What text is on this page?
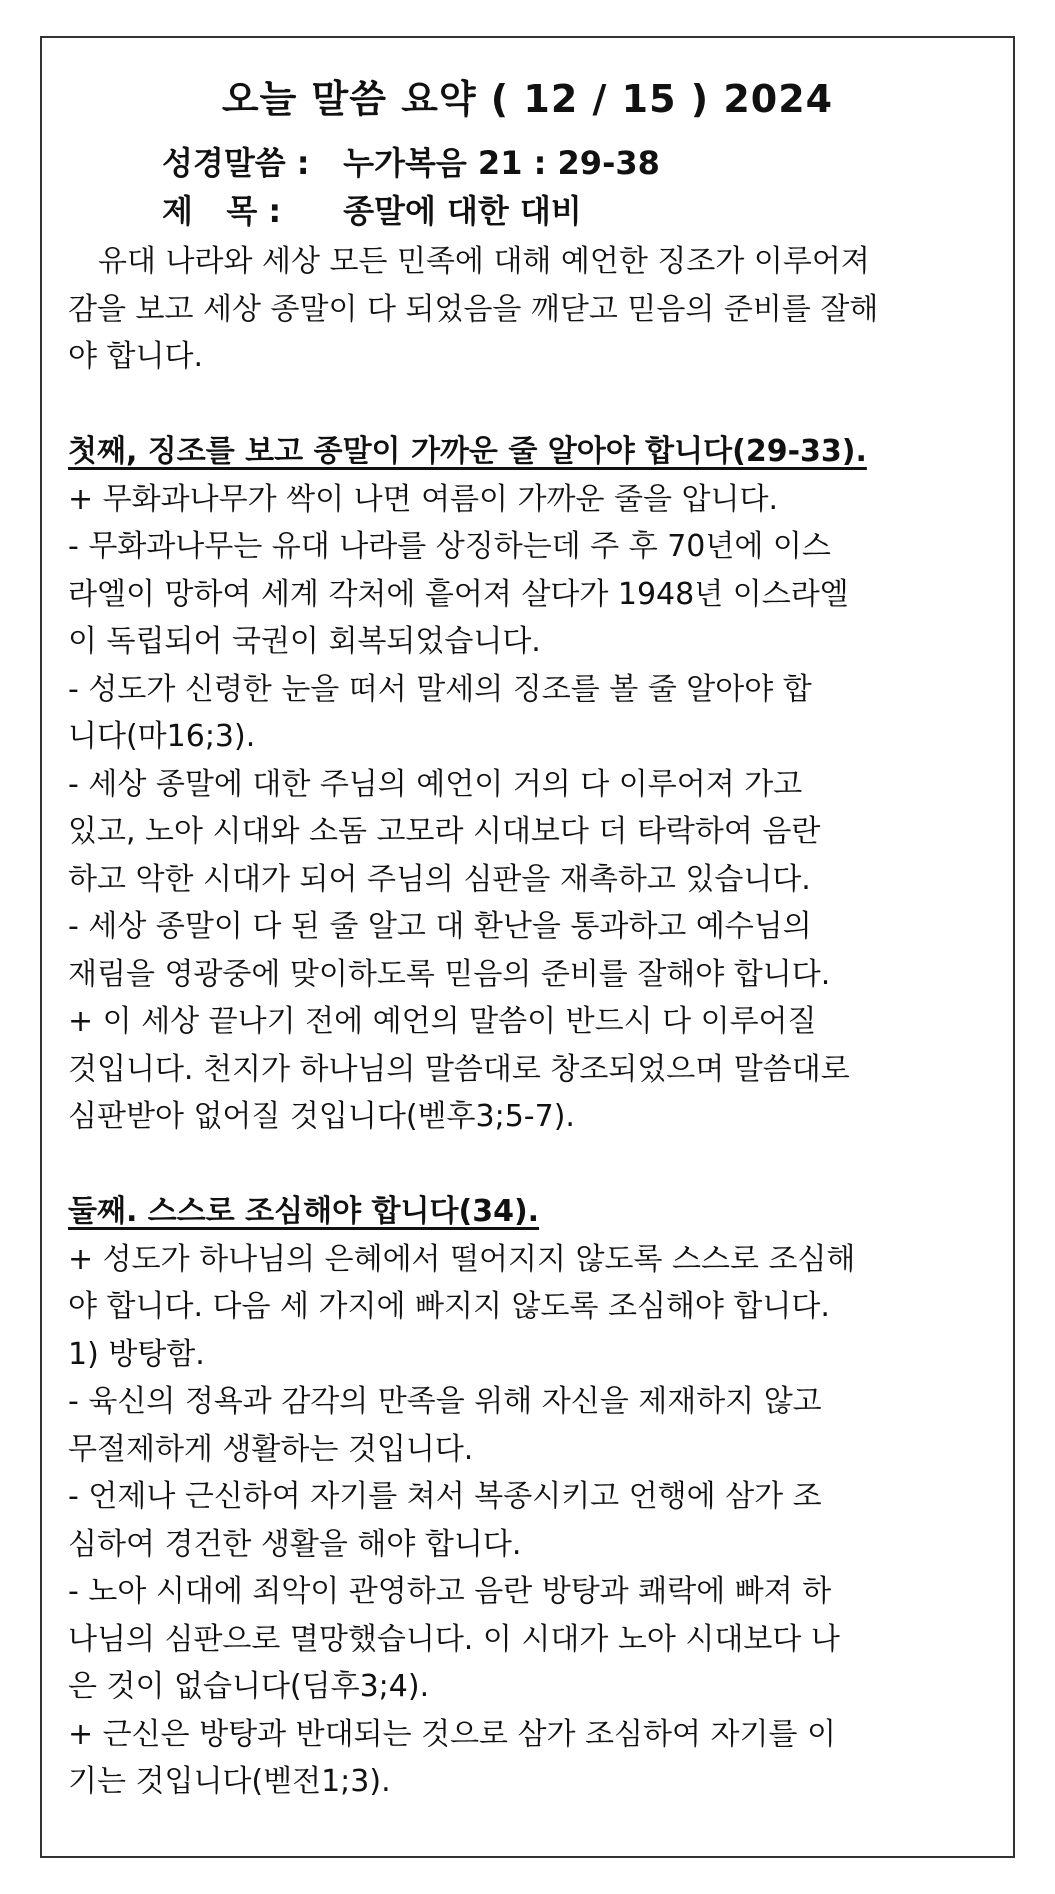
오늘 말씀 요약 ( 12 / 15 ) 2024
성경말씀 : 누가복음 21 : 29-38
제   목 : 종말에 대한 대비
유대 나라와 세상 모든 민족에 대해 예언한 징조가 이루어져
감을 보고 세상 종말이 다 되었음을 깨닫고 믿음의 준비를 잘해
야 합니다.
첫째, 징조를 보고 종말이 가까운 줄 알아야 합니다(29-33).
+ 무화과나무가 싹이 나면 여름이 가까운 줄을 압니다.
- 무화과나무는 유대 나라를 상징하는데 주 후 70년에 이스
라엘이 망하여 세계 각처에 흩어져 살다가 1948년 이스라엘
이 독립되어 국권이 회복되었습니다.
- 성도가 신령한 눈을 떠서 말세의 징조를 볼 줄 알아야 합
니다(마16;3).
- 세상 종말에 대한 주님의 예언이 거의 다 이루어져 가고
있고, 노아 시대와 소돔 고모라 시대보다 더 타락하여 음란
하고 악한 시대가 되어 주님의 심판을 재촉하고 있습니다.
- 세상 종말이 다 된 줄 알고 대 환난을 통과하고 예수님의
재림을 영광중에 맞이하도록 믿음의 준비를 잘해야 합니다.
+ 이 세상 끝나기 전에 예언의 말씀이 반드시 다 이루어질
것입니다. 천지가 하나님의 말씀대로 창조되었으며 말씀대로
심판받아 없어질 것입니다(벧후3;5-7).
둘째. 스스로 조심해야 합니다(34).
+ 성도가 하나님의 은혜에서 떨어지지 않도록 스스로 조심해
야 합니다. 다음 세 가지에 빠지지 않도록 조심해야 합니다.
1) 방탕함.
- 육신의 정욕과 감각의 만족을 위해 자신을 제재하지 않고
무절제하게 생활하는 것입니다.
- 언제나 근신하여 자기를 쳐서 복종시키고 언행에 삼가 조
심하여 경건한 생활을 해야 합니다.
- 노아 시대에 죄악이 관영하고 음란 방탕과 쾌락에 빠져 하
나님의 심판으로 멸망했습니다. 이 시대가 노아 시대보다 나
은 것이 없습니다(딤후3;4).
+ 근신은 방탕과 반대되는 것으로 삼가 조심하여 자기를 이
기는 것입니다(벧전1;3).
